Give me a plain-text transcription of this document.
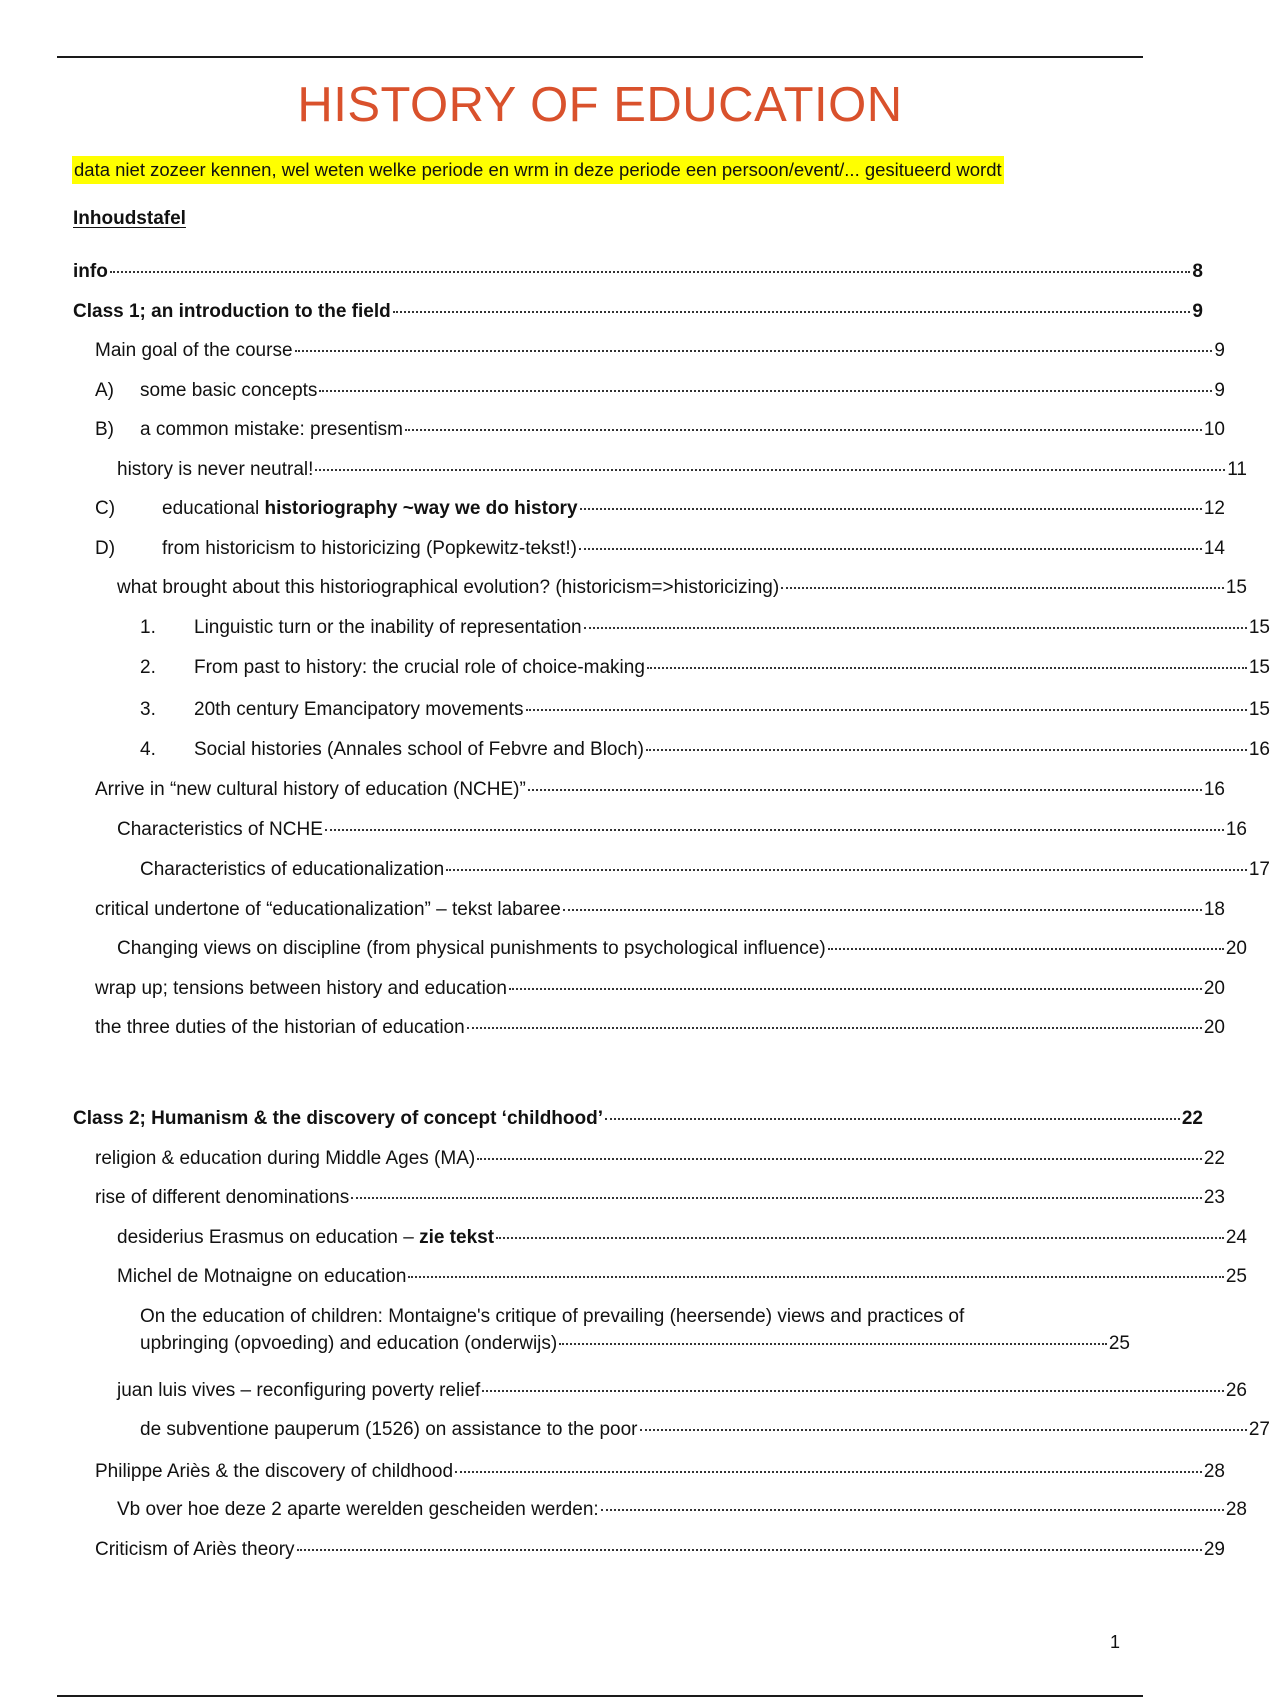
HISTORY OF EDUCATION
data niet zozeer kennen, wel weten welke periode en wrm in deze periode een persoon/event/... gesitueerd wordt
Inhoudstafel
info	8
Class 1; an introduction to the field	9
Main goal of the course	9
A)	some basic concepts	9
B)	a common mistake: presentism	10
history is never neutral!	11
C)	educational historiography ~way we do history	12
D)	from historicism to historicizing (Popkewitz-tekst!)	14
what brought about this historiographical evolution? (historicism=>historicizing)	15
1.	Linguistic turn or the inability of representation	15
2.	From past to history: the crucial role of choice-making	15
3.	20th century Emancipatory movements	15
4.	Social histories (Annales school of Febvre and Bloch)	16
Arrive in “new cultural history of education (NCHE)”	16
Characteristics of NCHE	16
Characteristics of educationalization	17
critical undertone of “educationalization” – tekst labaree	18
Changing views on discipline (from physical punishments to psychological influence)	20
wrap up; tensions between history and education	20
the three duties of the historian of education	20
Class 2; Humanism & the discovery of concept ‘childhood’	22
religion & education during Middle Ages (MA)	22
rise of different denominations	23
desiderius Erasmus on education – zie tekst	24
Michel de Motnaigne on education	25
On the education of children: Montaigne's critique of prevailing (heersende) views and practices of
upbringing (opvoeding) and education (onderwijs)	25
juan luis vives – reconfiguring poverty relief	26
de subventione pauperum (1526) on assistance to the poor	27
Philippe Ariès & the discovery of childhood	28
Vb over hoe deze 2 aparte werelden gescheiden werden:	28
Criticism of Ariès theory	29
1
